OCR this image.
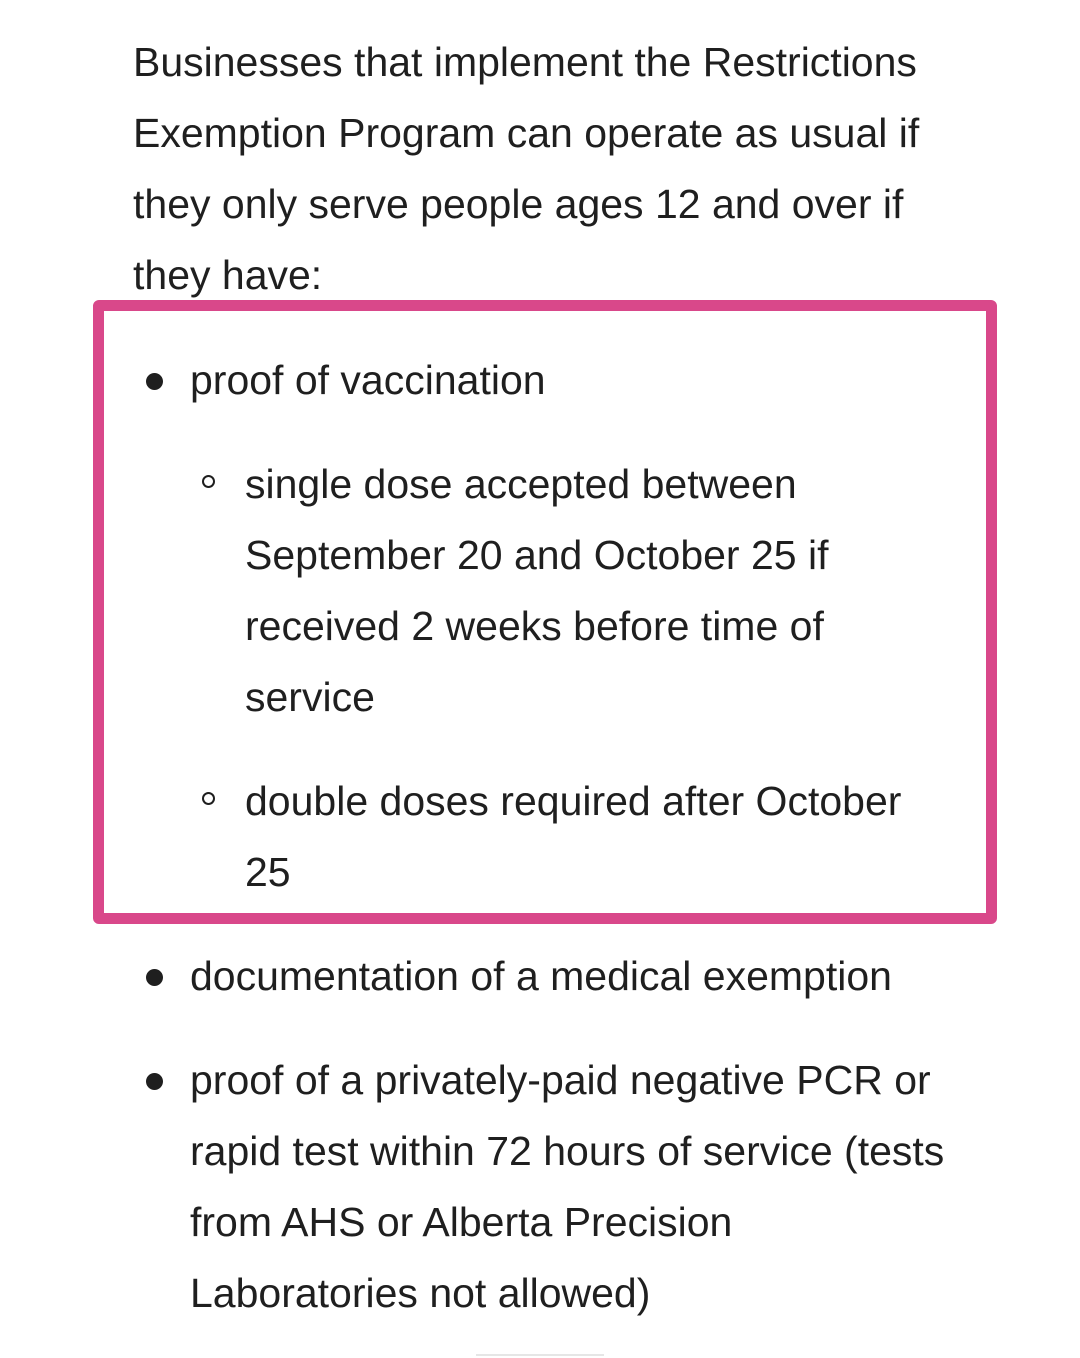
Businesses that implement the Restrictions Exemption Program can operate as usual if they only serve people ages 12 and over if they have:

proof of vaccination
single dose accepted between September 20 and October 25 if received 2 weeks before time of service
double doses required after October 25
documentation of a medical exemption
proof of a privately-paid negative PCR or rapid test within 72 hours of service (tests from AHS or Alberta Precision Laboratories not allowed)
